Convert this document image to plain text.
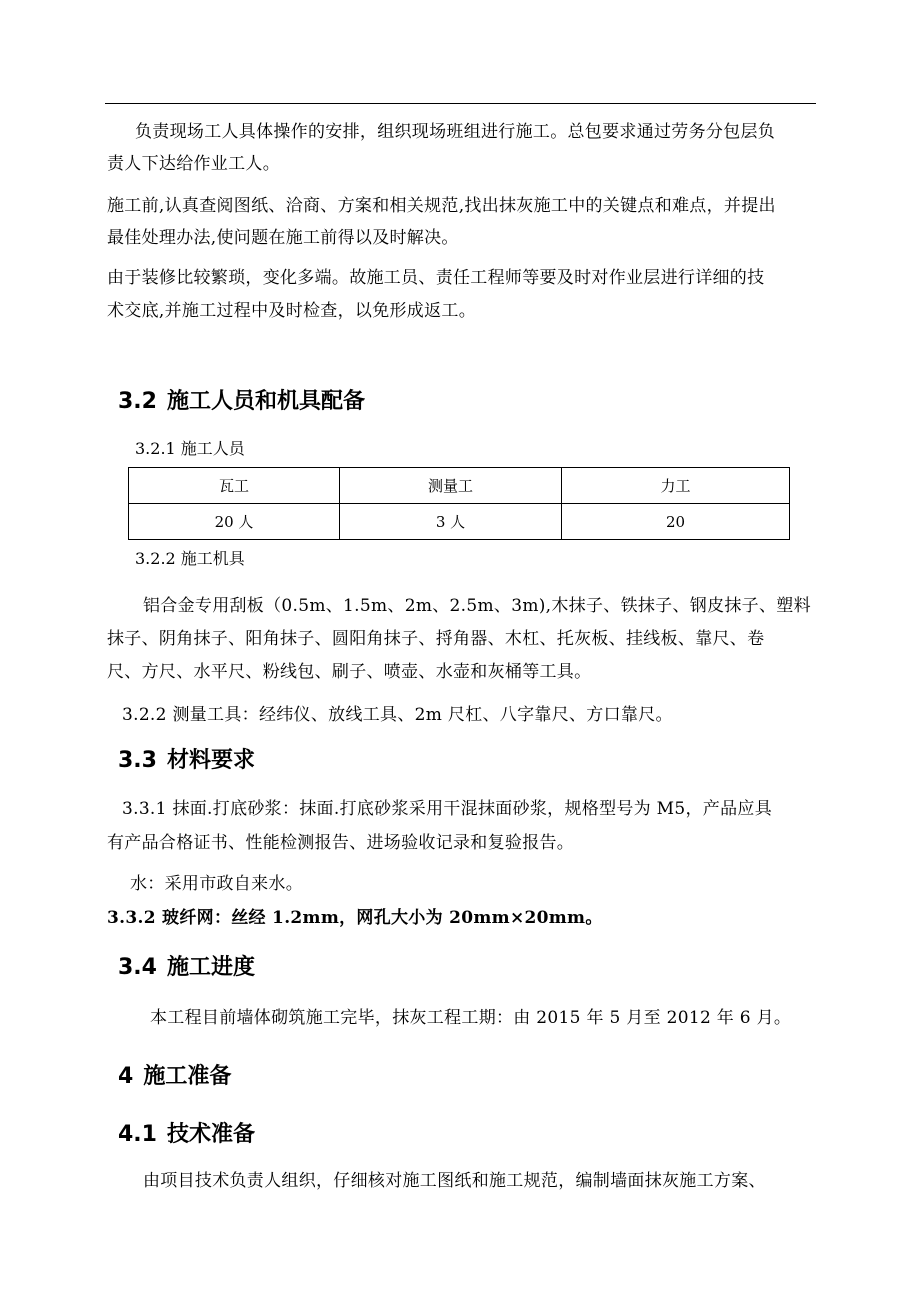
负责现场工人具体操作的安排，组织现场班组进行施工。总包要求通过劳务分包层负
责人下达给作业工人。
施工前,认真查阅图纸、洽商、方案和相关规范,找出抹灰施工中的关键点和难点，并提出
最佳处理办法,使问题在施工前得以及时解决。
由于装修比较繁琐，变化多端。故施工员、责任工程师等要及时对作业层进行详细的技
术交底,并施工过程中及时检查，以免形成返工。
3.2 施工人员和机具配备
3.2.1 施工人员
瓦工	测量工	力工
20 人	3 人	20
3.2.2 施工机具
铝合金专用刮板（0.5m、1.5m、2m、2.5m、3m),木抹子、铁抹子、钢皮抹子、塑料
抹子、阴角抹子、阳角抹子、圆阳角抹子、捋角器、木杠、托灰板、挂线板、靠尺、卷
尺、方尺、水平尺、粉线包、刷子、喷壶、水壶和灰桶等工具。
3.2.2 测量工具：经纬仪、放线工具、2m 尺杠、八字靠尺、方口靠尺。
3.3 材料要求
3.3.1 抹面.打底砂浆：抹面.打底砂浆采用干混抹面砂浆，规格型号为 M5，产品应具
有产品合格证书、性能检测报告、进场验收记录和复验报告。
水：采用市政自来水。
3.3.2 玻纤网：丝经 1.2mm，网孔大小为 20mm×20mm。
3.4 施工进度
本工程目前墙体砌筑施工完毕，抹灰工程工期：由 2015 年 5 月至 2012 年 6 月。
4 施工准备
4.1 技术准备
由项目技术负责人组织，仔细核对施工图纸和施工规范，编制墙面抹灰施工方案、
